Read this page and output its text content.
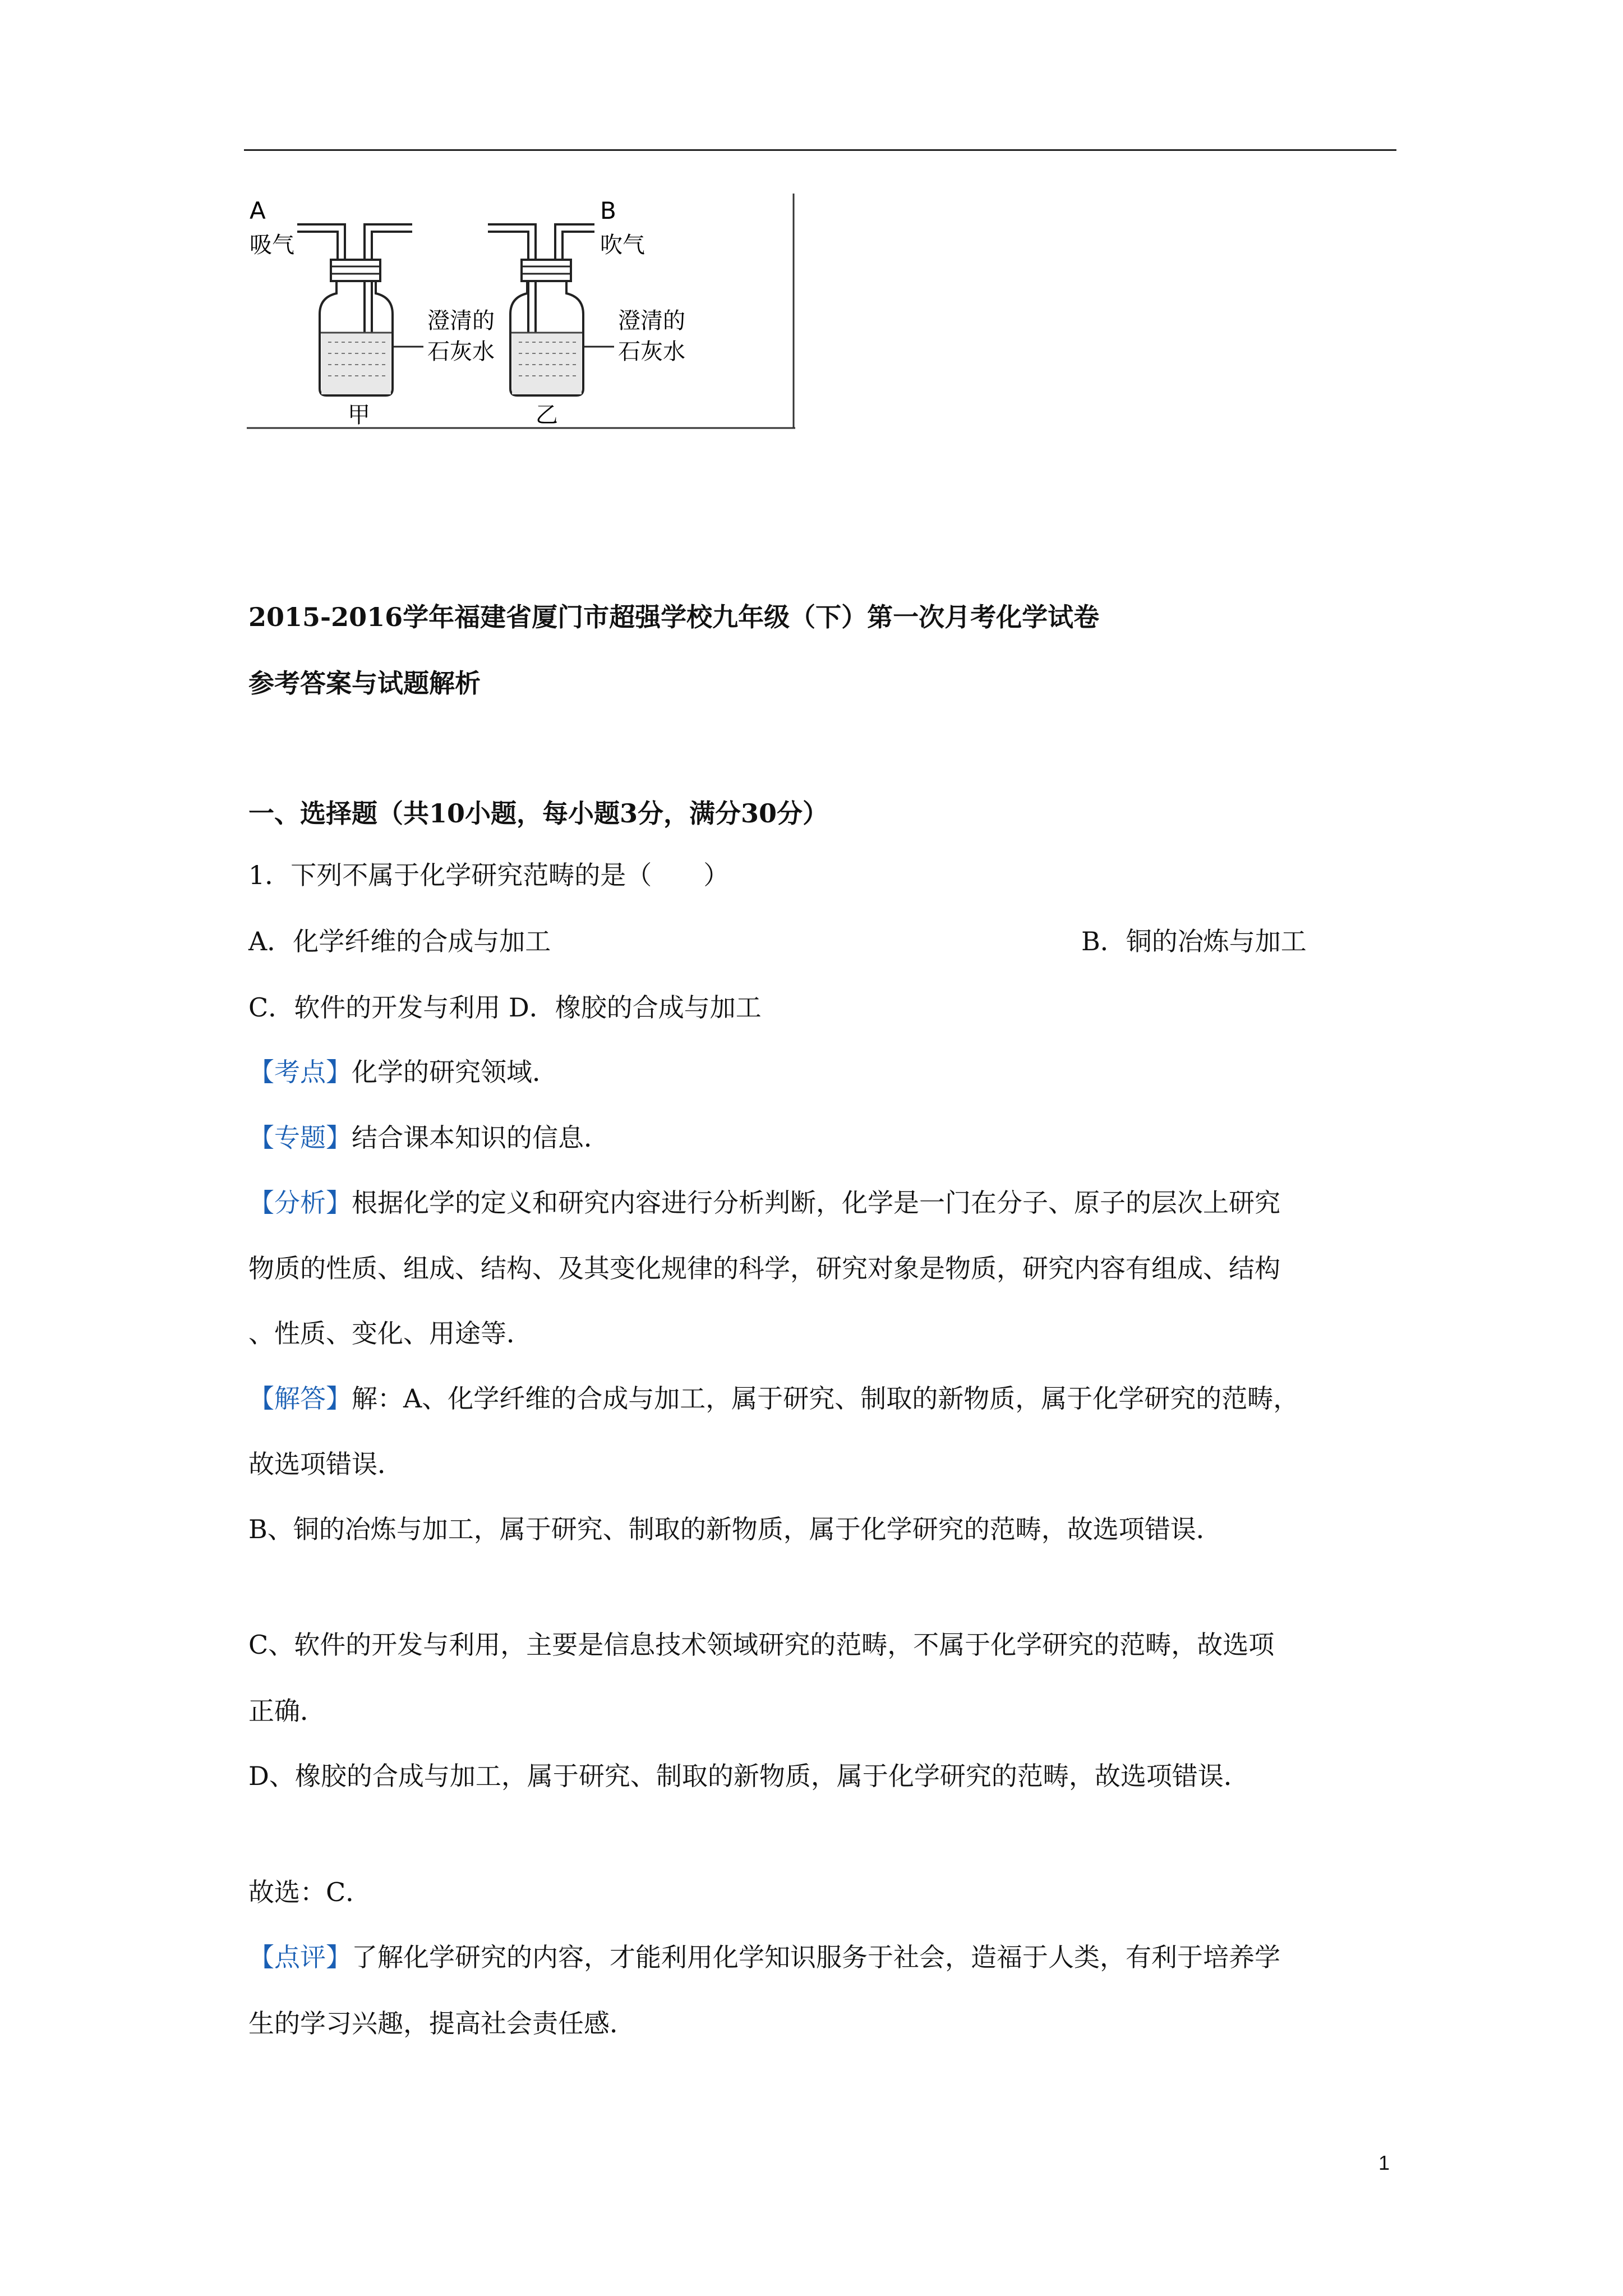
A
吸气
澄清的
石灰水
甲
B
吹气
澄清的
石灰水
乙
2015-2016学年福建省厦门市超强学校九年级（下）第一次月考化学试卷
参考答案与试题解析
一、选择题（共10小题，每小题3分，满分30分）
1．下列不属于化学研究范畴的是（　　）
A．化学纤维的合成与加工	B．铜的冶炼与加工
C．软件的开发与利用 D．橡胶的合成与加工
【考点】化学的研究领域．
【专题】结合课本知识的信息．
【分析】根据化学的定义和研究内容进行分析判断，化学是一门在分子、原子的层次上研究
物质的性质、组成、结构、及其变化规律的科学，研究对象是物质，研究内容有组成、结构
、性质、变化、用途等．
【解答】解：A、化学纤维的合成与加工，属于研究、制取的新物质，属于化学研究的范畴，
故选项错误．
B、铜的冶炼与加工，属于研究、制取的新物质，属于化学研究的范畴，故选项错误．
C、软件的开发与利用，主要是信息技术领域研究的范畴，不属于化学研究的范畴，故选项
正确．
D、橡胶的合成与加工，属于研究、制取的新物质，属于化学研究的范畴，故选项错误．
故选：C．
【点评】了解化学研究的内容，才能利用化学知识服务于社会，造福于人类，有利于培养学
生的学习兴趣，提高社会责任感．
1
